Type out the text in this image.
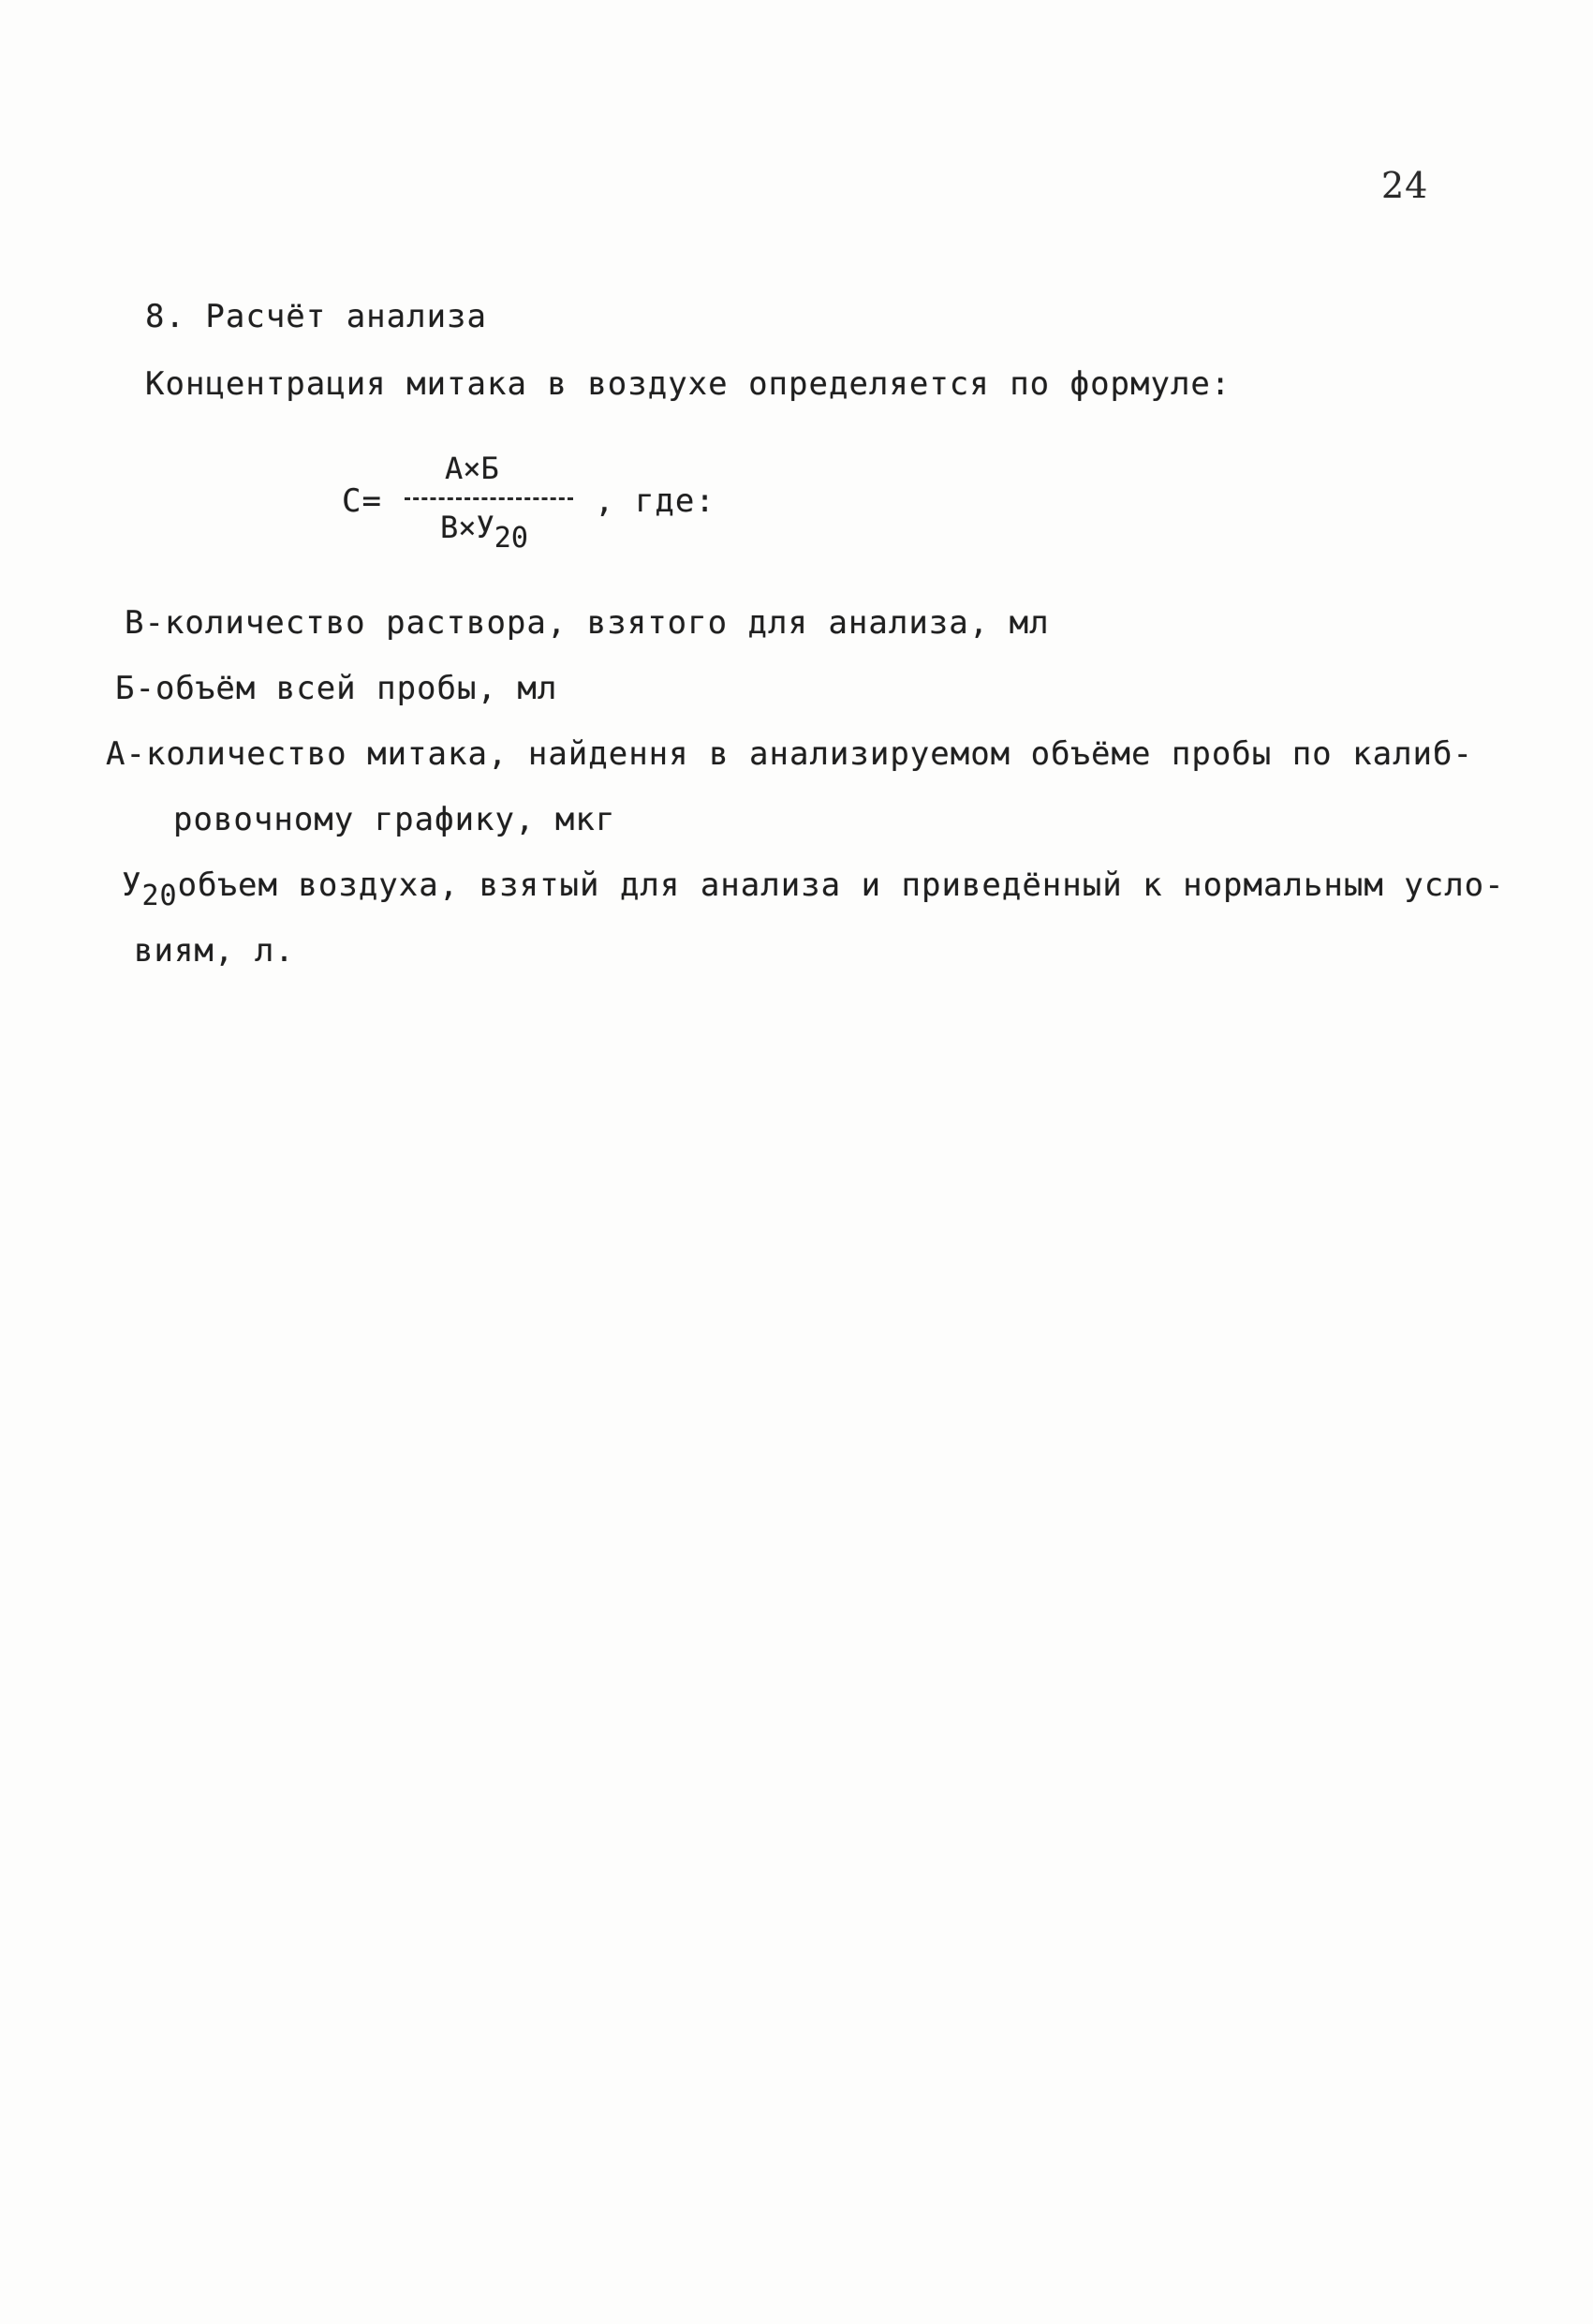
24
8. Расчёт анализа
Концентрация митака в воздухе определяется по формуле:
С=
А×Б
$В\times У_{20}$
, где:
В-количество раствора, взятого для анализа, мл
Б-объём всей пробы, мл
А-количество митака, найдення в анализируемом объёме пробы по калиб-
ровочному графику, мкг
$У_{20}объем$ воздуха, взятый для анализа и приведённый к нормальным усло-
виям, л.
